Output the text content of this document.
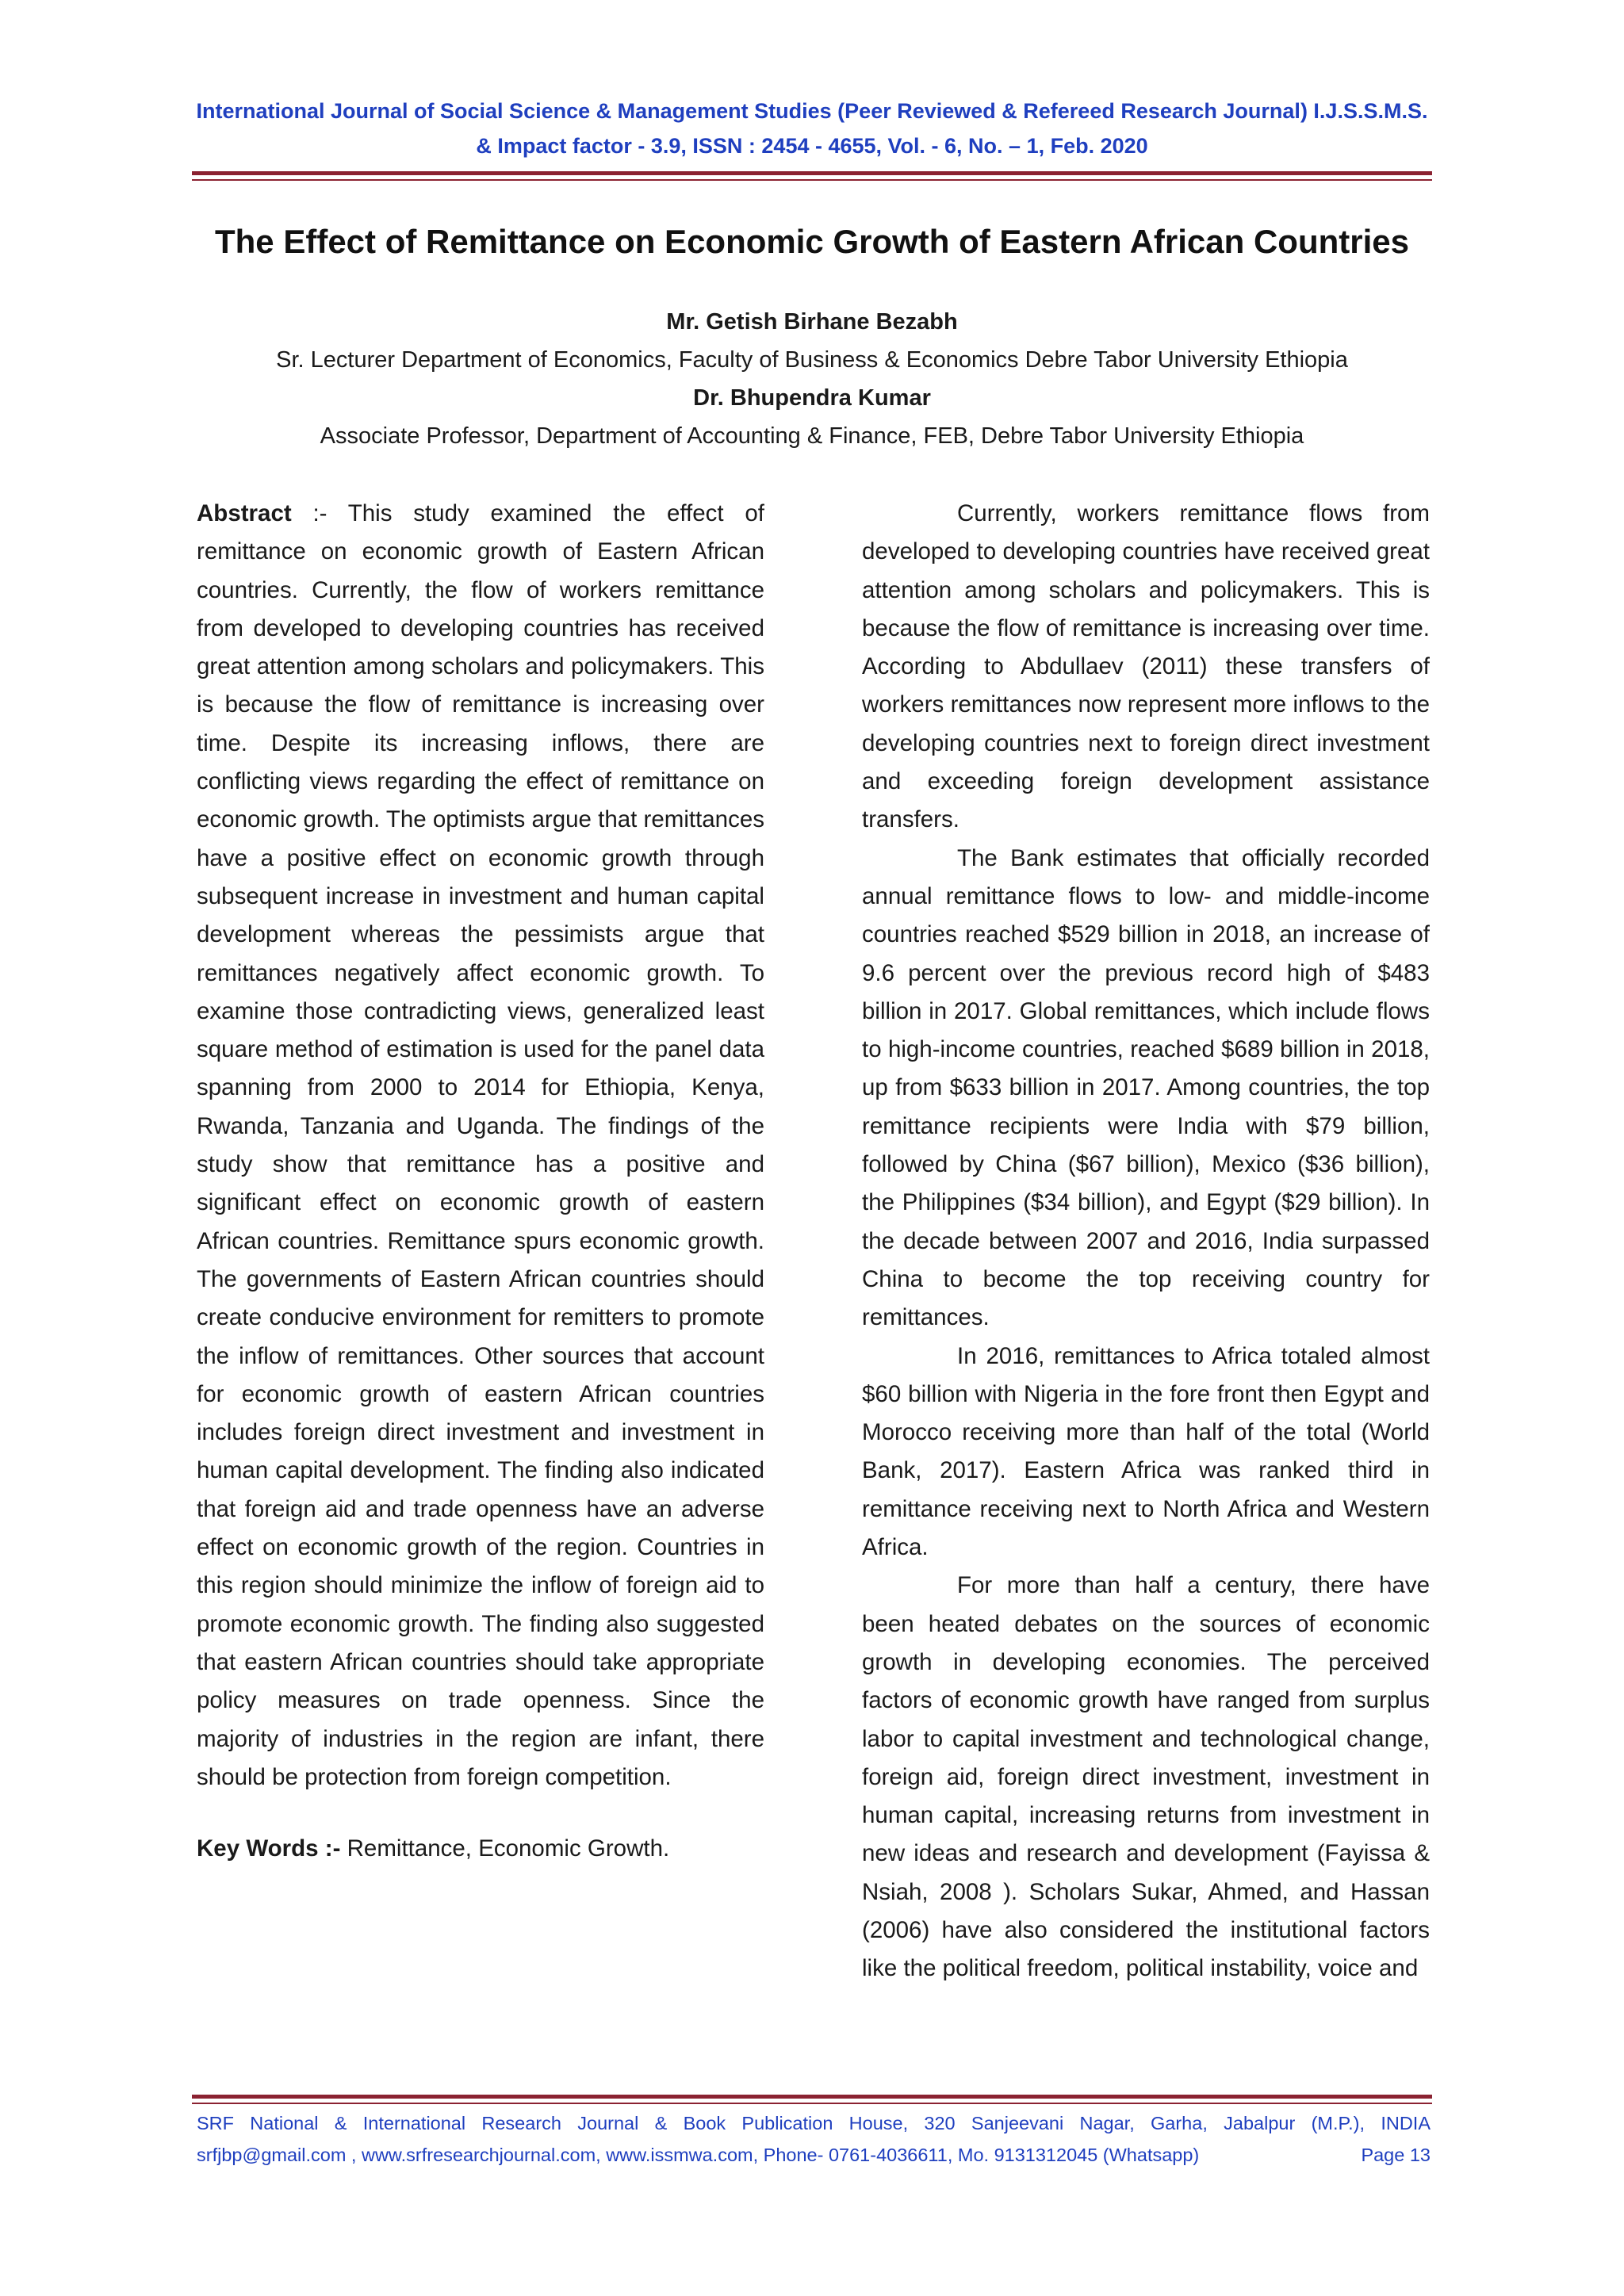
International Journal of Social Science & Management Studies (Peer Reviewed & Refereed Research Journal) I.J.S.S.M.S.
& Impact factor - 3.9, ISSN : 2454 - 4655, Vol. - 6, No. – 1, Feb. 2020
The Effect of Remittance on Economic Growth of Eastern African Countries
Mr. Getish Birhane Bezabh
Sr. Lecturer Department of Economics, Faculty of Business & Economics Debre Tabor University Ethiopia
Dr. Bhupendra Kumar
Associate Professor, Department of Accounting & Finance, FEB, Debre Tabor University Ethiopia

Abstract :- This study examined the effect of remittance on economic growth of Eastern African countries. Currently, the flow of workers remittance from developed to developing countries has received great attention among scholars and policymakers. This is because the flow of remittance is increasing over time. Despite its increasing inflows, there are conflicting views regarding the effect of remittance on economic growth. The optimists argue that remittances have a positive effect on economic growth through subsequent increase in investment and human capital development whereas the pessimists argue that remittances negatively affect economic growth. To examine those contradicting views, generalized least square method of estimation is used for the panel data spanning from 2000 to 2014 for Ethiopia, Kenya, Rwanda, Tanzania and Uganda. The findings of the study show that remittance has a positive and significant effect on economic growth of eastern African countries. Remittance spurs economic growth. The governments of Eastern African countries should create conducive environment for remitters to promote the inflow of remittances. Other sources that account for economic growth of eastern African countries includes foreign direct investment and investment in human capital development. The finding also indicated that foreign aid and trade openness have an adverse effect on economic growth of the region. Countries in this region should minimize the inflow of foreign aid to promote economic growth. The finding also suggested that eastern African countries should take appropriate policy measures on trade openness. Since the majority of industries in the region are infant, there should be protection from foreign competition.

Key Words :- Remittance, Economic Growth.

Currently, workers remittance flows from developed to developing countries have received great attention among scholars and policymakers. This is because the flow of remittance is increasing over time. According to Abdullaev (2011) these transfers of workers remittances now represent more inflows to the developing countries next to foreign direct investment and exceeding foreign development assistance transfers.

The Bank estimates that officially recorded annual remittance flows to low- and middle-income countries reached $529 billion in 2018, an increase of 9.6 percent over the previous record high of $483 billion in 2017. Global remittances, which include flows to high-income countries, reached $689 billion in 2018, up from $633 billion in 2017. Among countries, the top remittance recipients were India with $79 billion, followed by China ($67 billion), Mexico ($36 billion), the Philippines ($34 billion), and Egypt ($29 billion). In the decade between 2007 and 2016, India surpassed China to become the top receiving country for remittances.

In 2016, remittances to Africa totaled almost $60 billion with Nigeria in the fore front then Egypt and Morocco receiving more than half of the total (World Bank, 2017). Eastern Africa was ranked third in remittance receiving next to North Africa and Western Africa.

For more than half a century, there have been heated debates on the sources of economic growth in developing economies. The perceived factors of economic growth have ranged from surplus labor to capital investment and technological change, foreign aid, foreign direct investment, investment in human capital, increasing returns from investment in new ideas and research and development (Fayissa & Nsiah, 2008 ). Scholars Sukar, Ahmed, and Hassan (2006) have also considered the institutional factors like the political freedom, political instability, voice and

SRF National & International Research Journal & Book Publication House, 320 Sanjeevani Nagar, Garha, Jabalpur (M.P.), INDIA
srfjbp@gmail.com , www.srfresearchjournal.com, www.issmwa.com, Phone- 0761-4036611, Mo. 9131312045 (Whatsapp)	Page 13
